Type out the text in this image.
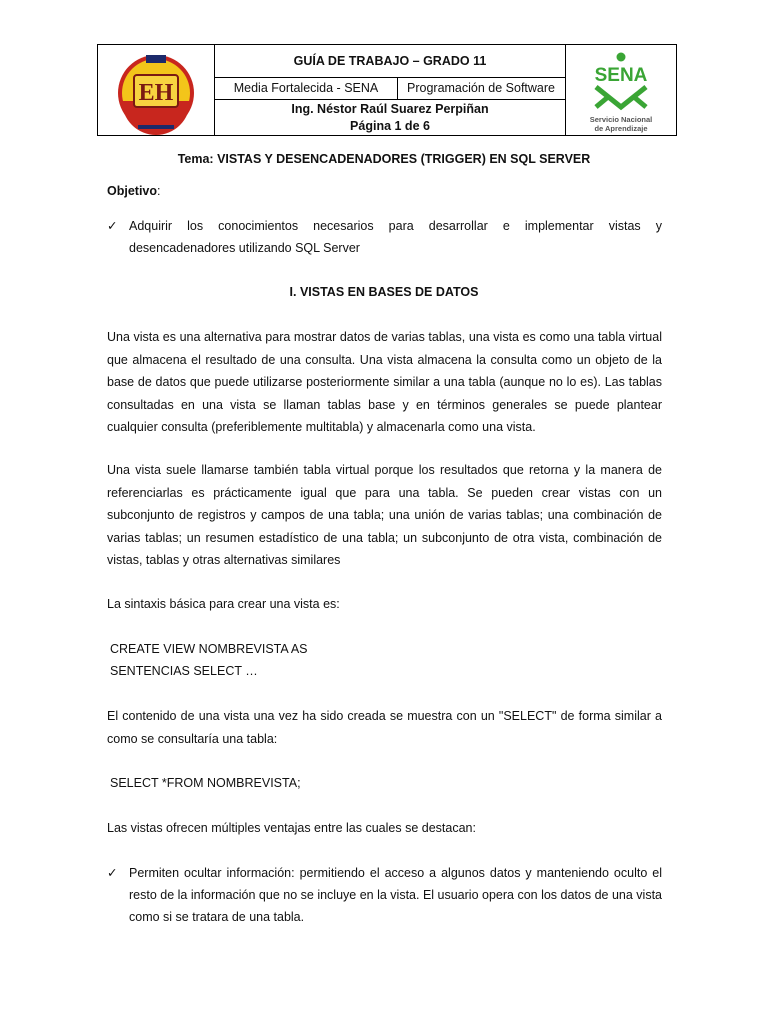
EH
GUÍA DE TRABAJO – GRADO 11
Media Fortalecida - SENA	Programación de Software
Ing. Néstor Raúl Suarez Perpiñan
Página 1 de 6
SENA
Servicio Nacional
de Aprendizaje
Tema: VISTAS Y DESENCADENADORES (TRIGGER) EN SQL SERVER
Objetivo:
✓ Adquirir los conocimientos necesarios para desarrollar e implementar vistas y desencadenadores utilizando SQL Server
I. VISTAS EN BASES DE DATOS
Una vista es una alternativa para mostrar datos de varias tablas, una vista es como una tabla virtual que almacena el resultado de una consulta. Una vista almacena la consulta como un objeto de la base de datos que puede utilizarse posteriormente similar a una tabla (aunque no lo es). Las tablas consultadas en una vista se llaman tablas base y en términos generales se puede plantear cualquier consulta (preferiblemente multitabla) y almacenarla como una vista.
Una vista suele llamarse también tabla virtual porque los resultados que retorna y la manera de referenciarlas es prácticamente igual que para una tabla. Se pueden crear vistas con un subconjunto de registros y campos de una tabla; una unión de varias tablas; una combinación de varias tablas; un resumen estadístico de una tabla; un subconjunto de otra vista, combinación de vistas, tablas y otras alternativas similares
La sintaxis básica para crear una vista es:
CREATE VIEW NOMBREVISTA AS
SENTENCIAS SELECT …
El contenido de una vista una vez ha sido creada se muestra con un "SELECT" de forma similar a como se consultaría una tabla:
SELECT *FROM NOMBREVISTA;
Las vistas ofrecen múltiples ventajas entre las cuales se destacan:
✓ Permiten ocultar información: permitiendo el acceso a algunos datos y manteniendo oculto el resto de la información que no se incluye en la vista. El usuario opera con los datos de una vista como si se tratara de una tabla.
